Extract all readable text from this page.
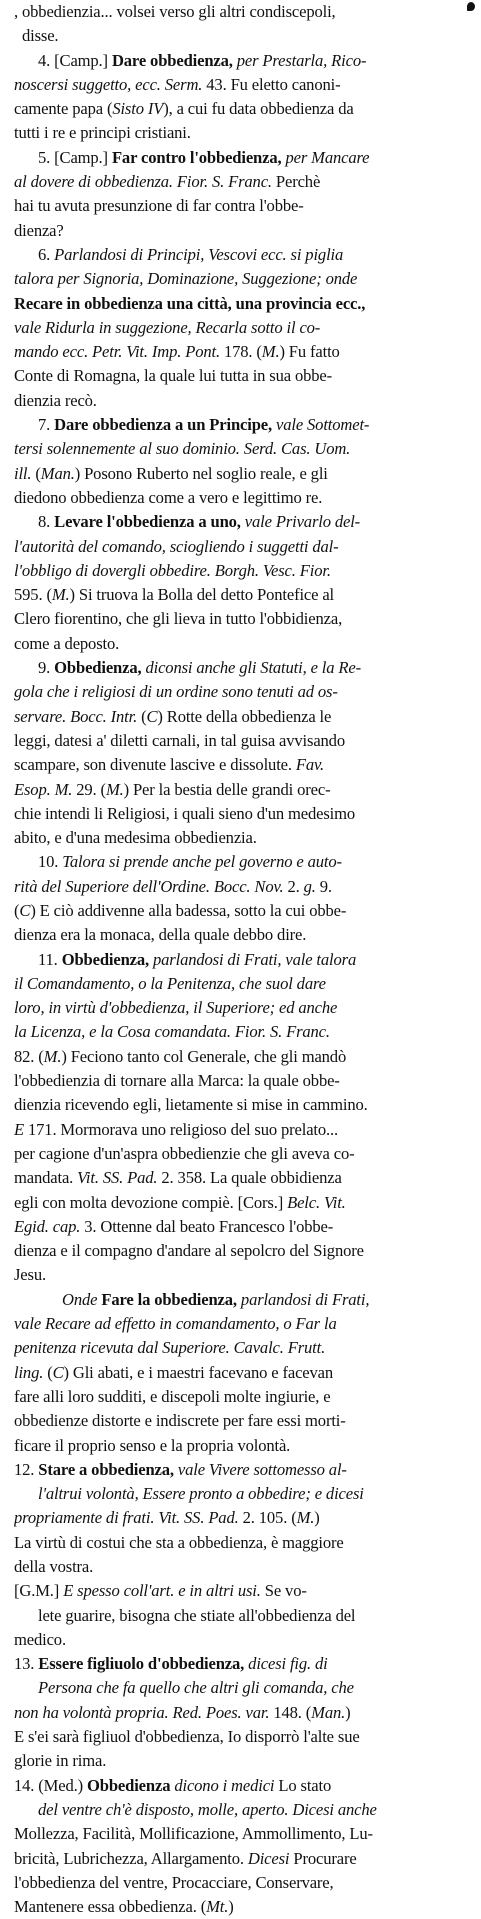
, obbedienzia... volsei verso gli altri condiscepoli,
disse.
4. [Camp.] Dare obbedienza, per Prestarla, Rico-
noscersi suggetto, ecc. Serm. 43. Fu eletto canoni-
camente papa (Sisto IV), a cui fu data obbedienza da
tutti i re e principi cristiani.
5. [Camp.] Far contro l'obbedienza, per Mancare
al dovere di obbedienza. Fior. S. Franc. Perchè
hai tu avuta presunzione di far contra l'obbe-
dienza?
6. Parlandosi di Principi, Vescovi ecc. si piglia
talora per Signoria, Dominazione, Suggezione; onde
Recare in obbedienza una città, una provincia ecc.,
vale Ridurla in suggezione, Recarla sotto il co-
mando ecc. Petr. Vit. Imp. Pont. 178. (M.) Fu fatto
Conte di Romagna, la quale lui tutta in sua obbe-
dienzia recò.
7. Dare obbedienza a un Principe, vale Sottomet-
tersi solennemente al suo dominio. Serd. Cas. Uom.
ill. (Man.) Posono Ruberto nel soglio reale, e gli
diedono obbedienza come a vero e legittimo re.
8. Levare l'obbedienza a uno, vale Privarlo del-
l'autorità del comando, sciogliendo i suggetti dal-
l'obbligo di dovergli obbedire. Borgh. Vesc. Fior.
595. (M.) Si truova la Bolla del detto Pontefice al
Clero fiorentino, che gli lieva in tutto l'obbidienza,
come a deposto.
9. Obbedienza, diconsi anche gli Statuti, e la Re-
gola che i religiosi di un ordine sono tenuti ad os-
servare. Bocc. Intr. (C) Rotte della obbedienza le
leggi, datesi a' diletti carnali, in tal guisa avvisando
scampare, son divenute lascive e dissolute. Fav.
Esop. M. 29. (M.) Per la bestia delle grandi orec-
chie intendi li Religiosi, i quali sieno d'un medesimo
abito, e d'una medesima obbedienzia.
10. Talora si prende anche pel governo e auto-
rità del Superiore dell'Ordine. Bocc. Nov. 2. g. 9.
(C) E ciò addivenne alla badessa, sotto la cui obbe-
dienza era la monaca, della quale debbo dire.
11. Obbedienza, parlandosi di Frati, vale talora
il Comandamento, o la Penitenza, che suol dare
loro, in virtù d'obbedienza, il Superiore; ed anche
la Licenza, e la Cosa comandata. Fior. S. Franc.
82. (M.) Feciono tanto col Generale, che gli mandò
l'obbedienzia di tornare alla Marca: la quale obbe-
dienzia ricevendo egli, lietamente si mise in cammino.
E 171. Mormorava uno religioso del suo prelato...
per cagione d'un'aspra obbedienzie che gli aveva co-
mandata. Vit. SS. Pad. 2. 358. La quale obbidienza
egli con molta devozione compiè. [Cors.] Belc. Vit.
Egid. cap. 3. Ottenne dal beato Francesco l'obbe-
dienza e il compagno d'andare al sepolcro del Signore
Jesu.
Onde Fare la obbedienza, parlandosi di Frati,
vale Recare ad effetto in comandamento, o Far la
penitenza ricevuta dal Superiore. Cavalc. Frutt.
ling. (C) Gli abati, e i maestri facevano e facevan
fare alli loro sudditi, e discepoli molte ingiurie, e
obbedienze distorte e indiscrete per fare essi morti-
ficare il proprio senso e la propria volontà.
12. Stare a obbedienza, vale Vivere sottomesso al-
l'altrui volontà, Essere pronto a obbedire; e dicesi
propriamente di frati. Vit. SS. Pad. 2. 105. (M.)
La virtù di costui che sta a obbedienza, è maggiore
della vostra.
[G.M.] E spesso coll'art. e in altri usi. Se vo-
lete guarire, bisogna che stiate all'obbedienza del
medico.
13. Essere figliuolo d'obbedienza, dicesi fig. di
Persona che fa quello che altri gli comanda, che
non ha volontà propria. Red. Poes. var. 148. (Man.)
E s'ei sarà figliuol d'obbedienza, Io disporrò l'alte sue
glorie in rima.
14. (Med.) Obbedienza dicono i medici Lo stato
del ventre ch'è disposto, molle, aperto. Dicesi anche
Mollezza, Facilità, Mollificazione, Ammollimento, Lu-
bricità, Lubrichezza, Allargamento. Dicesi Procurare
l'obbedienza del ventre, Procacciare, Conservare,
Mantenere essa obbedienza. (Mt.)
